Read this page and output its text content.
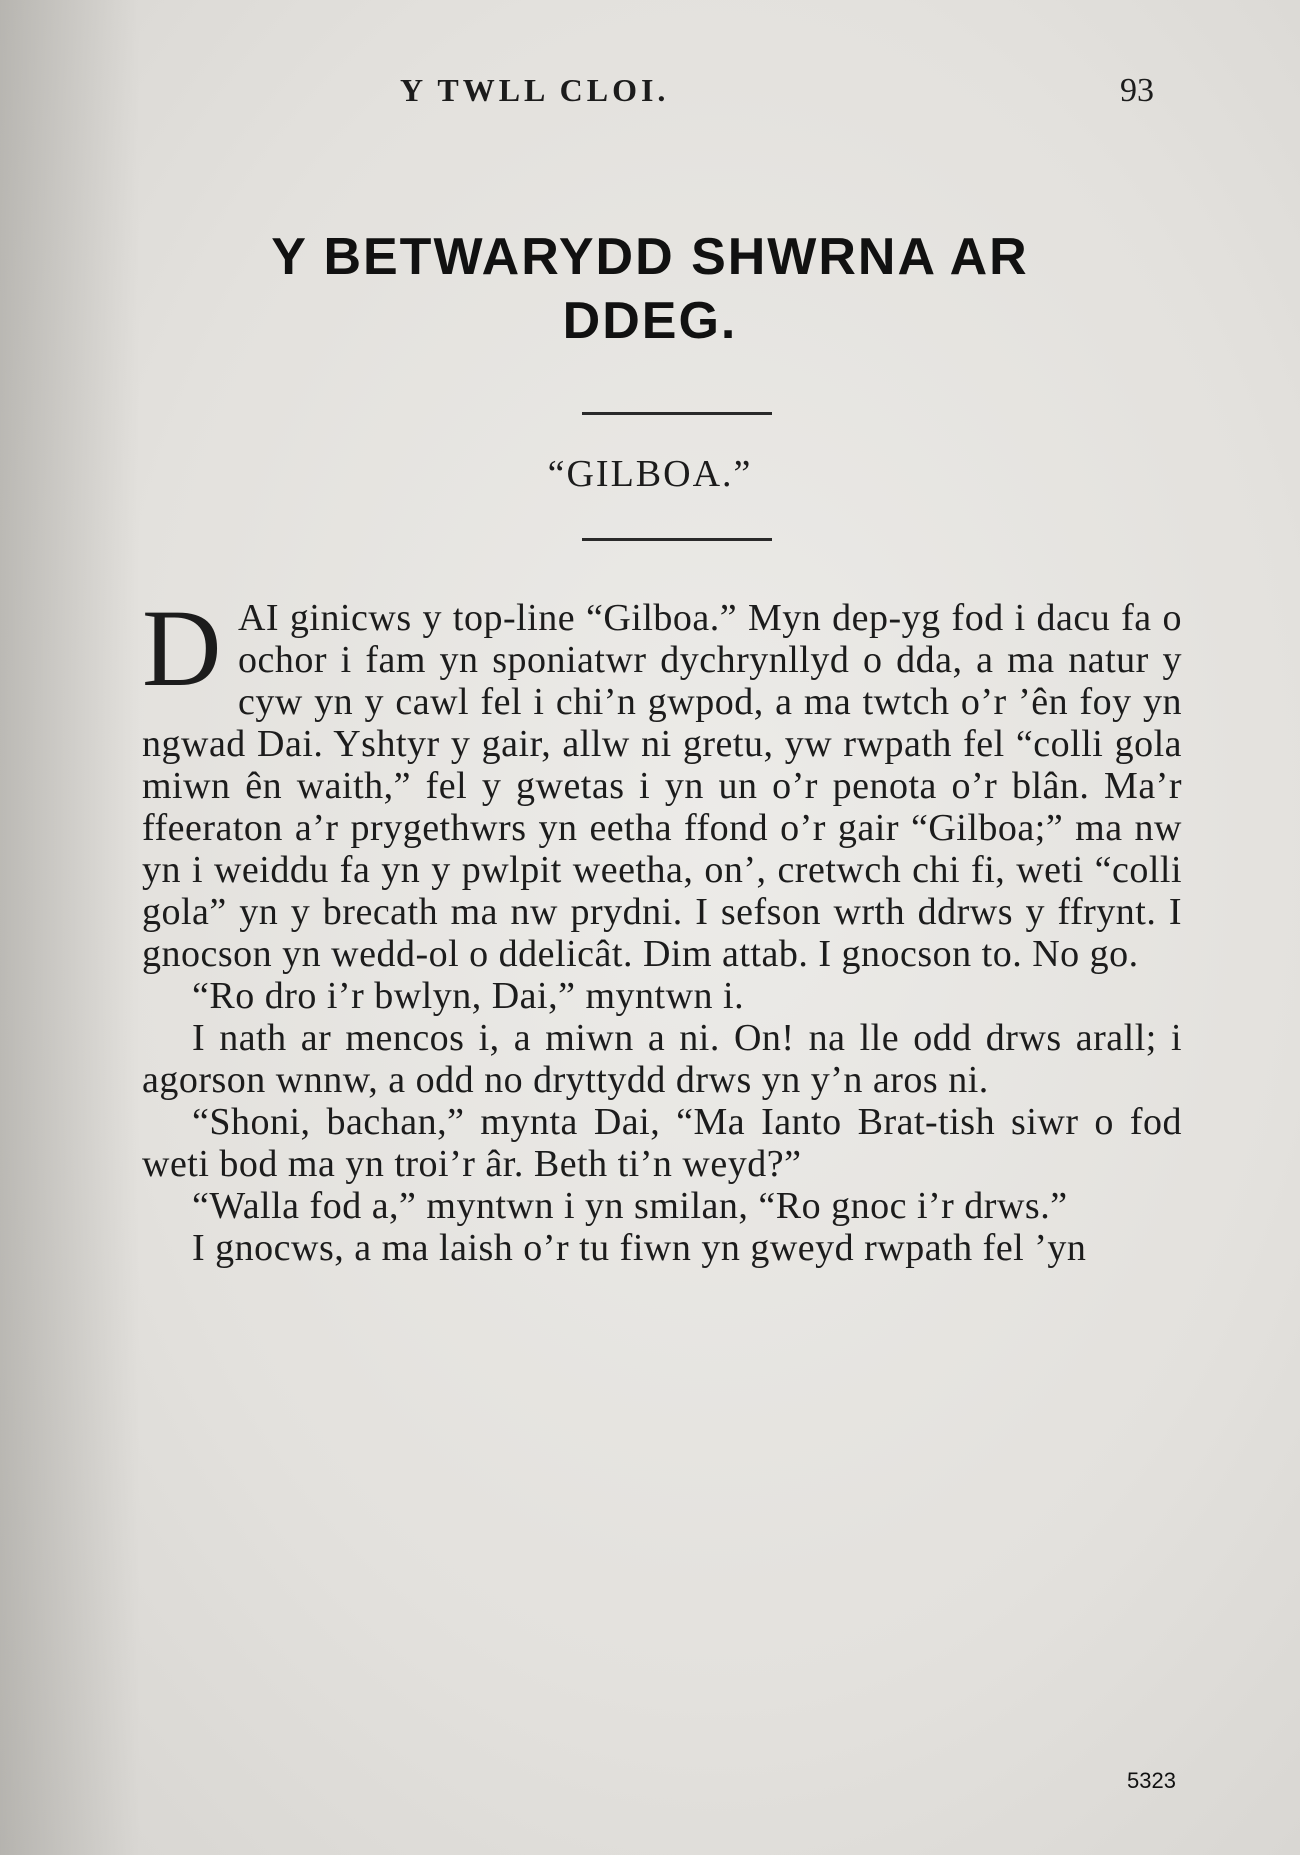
Y TWLL CLOI.	93
Y BETWARYDD SHWRNA AR
DDEG.
“GILBOA.”

DAI ginicws y top-line “Gilboa.” Myn dep-yg fod i dacu fa o ochor i fam yn sponiatwr dychrynllyd o dda, a ma natur y cyw yn y cawl fel i chi’n gwpod, a ma twtch o’r ’ên foy yn ngwad Dai. Yshtyr y gair, allw ni gretu, yw rwpath fel “colli gola miwn ên waith,” fel y gwetas i yn un o’r penota o’r blân. Ma’r ffeeraton a’r prygethwrs yn eetha ffond o’r gair “Gilboa;” ma nw yn i weiddu fa yn y pwlpit weetha, on’, cretwch chi fi, weti “colli gola” yn y brecath ma nw prydni. I sefson wrth ddrws y ffrynt. I gnocson yn wedd-ol o ddelicât. Dim attab. I gnocson to. No go.

“Ro dro i’r bwlyn, Dai,” myntwn i.

I nath ar mencos i, a miwn a ni. On! na lle odd drws arall; i agorson wnnw, a odd no dryttydd drws yn y’n aros ni.

“Shoni, bachan,” mynta Dai, “Ma Ianto Brat-tish siwr o fod weti bod ma yn troi’r âr. Beth ti’n weyd?”

“Walla fod a,” myntwn i yn smilan, “Ro gnoc i’r drws.”

I gnocws, a ma laish o’r tu fiwn yn gweyd rwpath fel ’yn

5323
